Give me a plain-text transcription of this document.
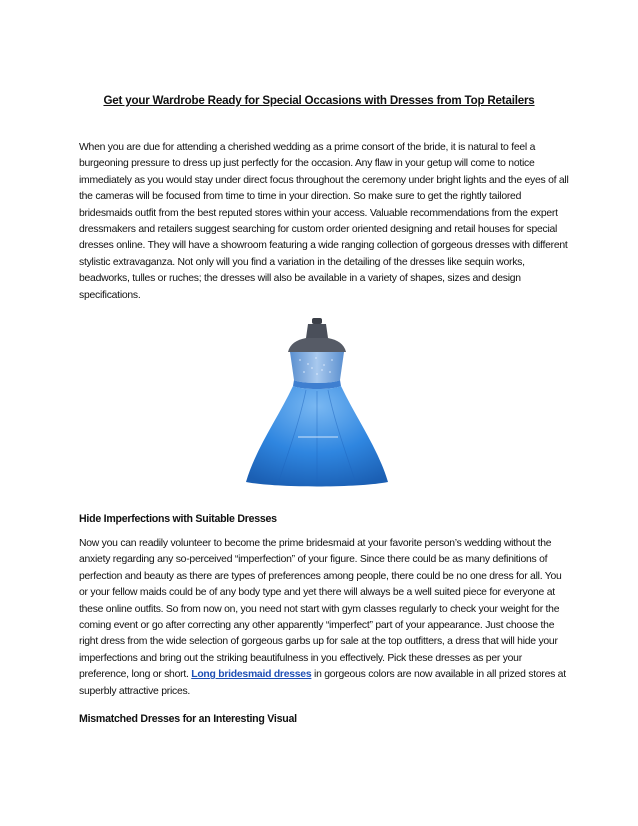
Get your Wardrobe Ready for Special Occasions with Dresses from Top Retailers

When you are due for attending a cherished wedding as a prime consort of the bride, it is natural to feel a burgeoning pressure to dress up just perfectly for the occasion. Any flaw in your getup will come to notice immediately as you would stay under direct focus throughout the ceremony under bright lights and the eyes of all the cameras will be focused from time to time in your direction. So make sure to get the rightly tailored bridesmaids outfit from the best reputed stores within your access. Valuable recommendations from the expert dressmakers and retailers suggest searching for custom order oriented designing and retail houses for special dresses online. They will have a showroom featuring a wide ranging collection of gorgeous dresses with different stylistic extravaganza. Not only will you find a variation in the detailing of the dresses like sequin works, beadworks, tulles or ruches; the dresses will also be available in a variety of shapes, sizes and design specifications.

Hide Imperfections with Suitable Dresses

Now you can readily volunteer to become the prime bridesmaid at your favorite person’s wedding without the anxiety regarding any so-perceived “imperfection” of your figure. Since there could be as many definitions of perfection and beauty as there are types of preferences among people, there could be no one dress for all. You or your fellow maids could be of any body type and yet there will always be a well suited piece for everyone at these online outfits. So from now on, you need not start with gym classes regularly to check your weight for the coming event or go after correcting any other apparently “imperfect” part of your appearance. Just choose the right dress from the wide selection of gorgeous garbs up for sale at the top outfitters, a dress that will hide your imperfections and bring out the striking beautifulness in you effectively. Pick these dresses as per your preference, long or short. Long bridesmaid dresses in gorgeous colors are now available in all prized stores at superbly attractive prices.

Mismatched Dresses for an Interesting Visual
